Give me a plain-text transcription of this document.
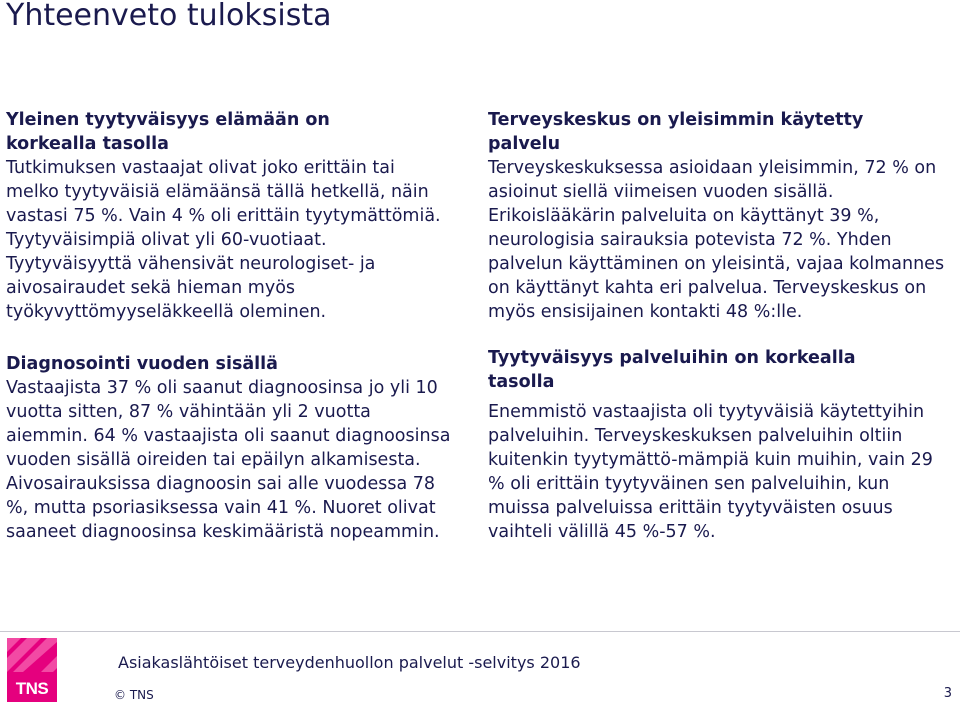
Yhteenveto tuloksista
Yleinen tyytyväisyys elämään on korkealla tasolla

Tutkimuksen vastaajat olivat joko erittäin tai melko tyytyväisiä elämäänsä tällä hetkellä, näin vastasi 75 %. Vain 4 % oli erittäin tyytymättömiä. Tyytyväisimpiä olivat yli 60-vuotiaat. Tyytyväisyyttä vähensivät neurologiset- ja aivosairaudet sekä hieman myös työkyvyttömyyseläkkeellä oleminen.

Diagnosointi vuoden sisällä

Vastaajista 37 % oli saanut diagnoosinsa jo yli 10 vuotta sitten, 87 % vähintään yli 2 vuotta aiemmin. 64 % vastaajista oli saanut diagnoosinsa vuoden sisällä oireiden tai epäilyn alkamisesta. Aivosairauksissa diagnoosin sai alle vuodessa 78 %, mutta psoriasiksessa vain 41 %. Nuoret olivat saaneet diagnoosinsa keskimääristä nopeammin.

Terveyskeskus on yleisimmin käytetty palvelu

Terveyskeskuksessa asioidaan yleisimmin, 72 % on asioinut siellä viimeisen vuoden sisällä. Erikoislääkärin palveluita on käyttänyt 39 %, neurologisia sairauksia potevista 72 %. Yhden palvelun käyttäminen on yleisintä, vajaa kolmannes on käyttänyt kahta eri palvelua. Terveyskeskus on myös ensisijainen kontakti 48 %:lle.

Tyytyväisyys palveluihin on korkealla tasolla

Enemmistö vastaajista oli tyytyväisiä käytettyihin palveluihin. Terveyskeskuksen palveluihin oltiin kuitenkin tyytymättö-mämpiä kuin muihin, vain 29 % oli erittäin tyytyväinen sen palveluihin, kun muissa palveluissa erittäin tyytyväisten osuus vaihteli välillä 45 %-57 %.

TNS
Asiakaslähtöiset terveydenhuollon palvelut -selvitys 2016
© TNS	3
